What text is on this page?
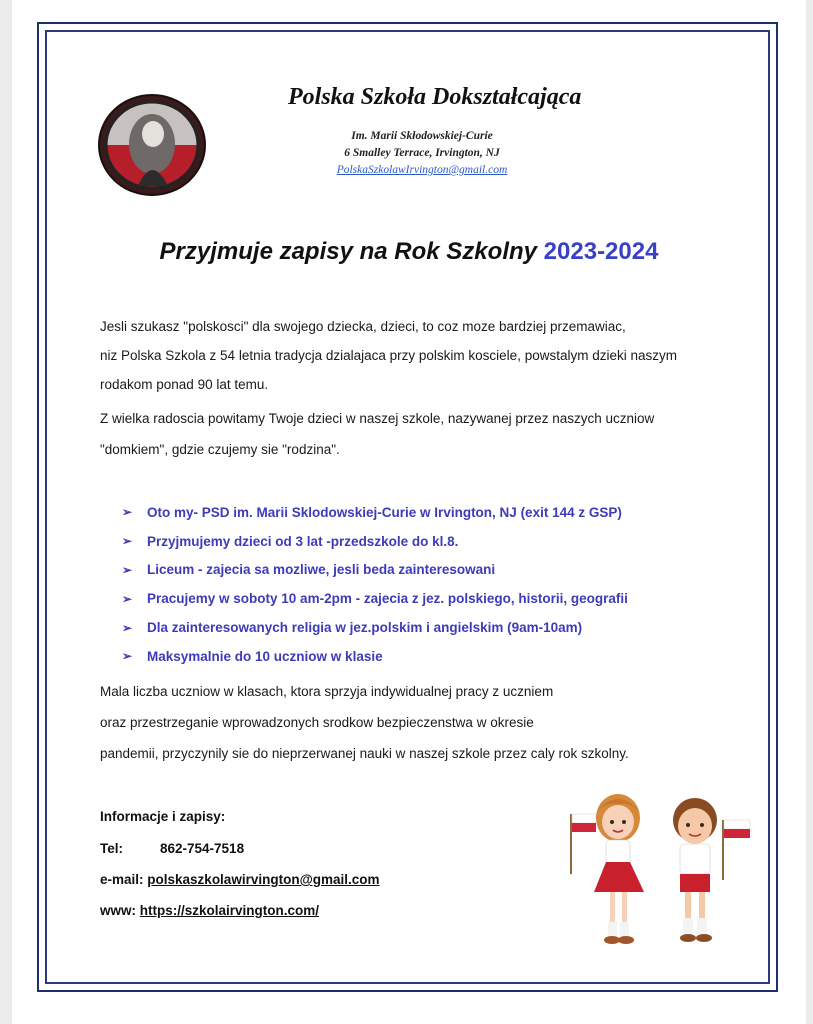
Polska Szkoła Dokształcająca
Im. Marii Skłodowskiej-Curie
6 Smalley Terrace, Irvington, NJ
PolskaSzkolawIrvington@gmail.com
Przyjmuje zapisy na Rok Szkolny 2023-2024
Jesli szukasz "polskosci" dla swojego dziecka, dzieci, to coz moze bardziej przemawiac,
niz Polska Szkola z 54 letnia tradycja dzialajaca przy polskim kosciele, powstalym dzieki naszym
rodakom ponad 90 lat temu.
Z wielka radoscia powitamy Twoje dzieci w naszej szkole, nazywanej przez naszych uczniow
"domkiem", gdzie czujemy sie "rodzina".
➢	Oto my- PSD im. Marii Sklodowskiej-Curie w Irvington, NJ (exit 144 z GSP)
➢	Przyjmujemy dzieci od 3 lat -przedszkole do kl.8.
➢	Liceum - zajecia sa mozliwe, jesli beda zainteresowani
➢	Pracujemy w soboty 10 am-2pm - zajecia z jez. polskiego, historii, geografii
➢	Dla zainteresowanych religia w jez.polskim i angielskim (9am-10am)
➢	Maksymalnie do 10 uczniow w klasie
Mala liczba uczniow w klasach, ktora sprzyja indywidualnej pracy z uczniem
oraz przestrzeganie wprowadzonych srodkow bezpieczenstwa w okresie
pandemii, przyczynily sie do nieprzerwanej nauki w naszej szkole przez caly rok szkolny.
Informacje i zapisy:
Tel:	862-754-7518
e-mail: polskaszkolawirvington@gmail.com
www: https://szkolairvington.com/
